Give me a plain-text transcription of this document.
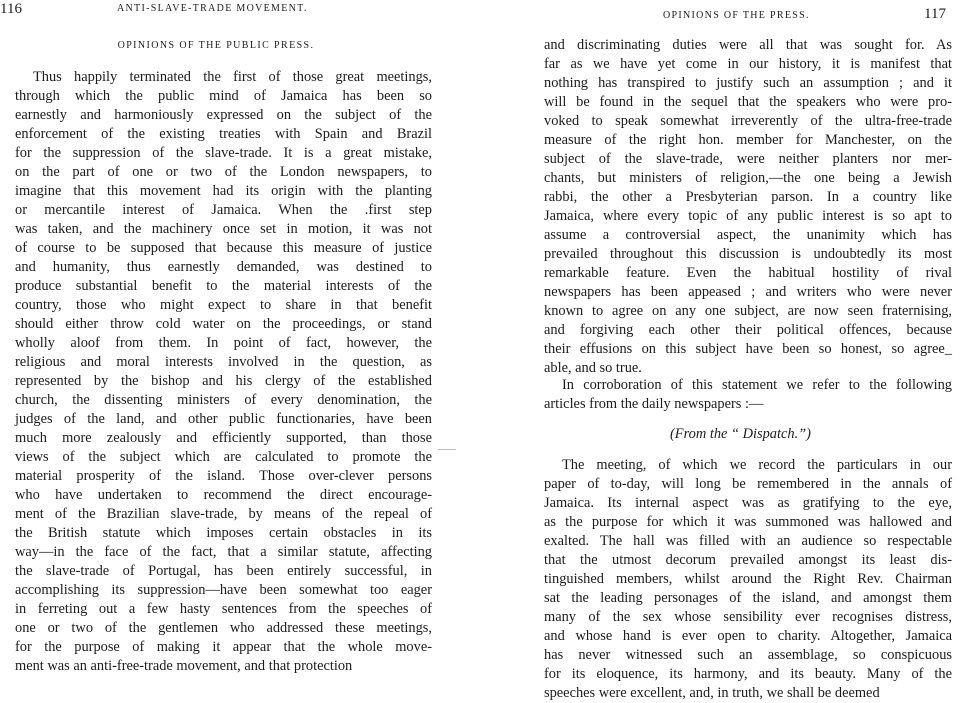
116	ANTI-SLAVE-TRADE MOVEMENT.
OPINIONS OF THE PUBLIC PRESS.
Thus happily terminated the first of those great meetings,
through which the public mind of Jamaica has been so
earnestly and harmoniously expressed on the subject of the
enforcement of the existing treaties with Spain and Brazil
for the suppression of the slave-trade. It is a great mistake,
on the part of one or two of the London newspapers, to
imagine that this movement had its origin with the planting
or mercantile interest of Jamaica. When the .first step
was taken, and the machinery once set in motion, it was not
of course to be supposed that because this measure of justice
and humanity, thus earnestly demanded, was destined to
produce substantial benefit to the material interests of the
country, those who might expect to share in that benefit
should either throw cold water on the proceedings, or stand
wholly aloof from them. In point of fact, however, the
religious and moral interests involved in the question, as
represented by the bishop and his clergy of the established
church, the dissenting ministers of every denomination, the
judges of the land, and other public functionaries, have been
much more zealously and efficiently supported, than those
views of the subject which are calculated to promote the
material prosperity of the island. Those over-clever persons
who have undertaken to recommend the direct encourage-
ment of the Brazilian slave-trade, by means of the repeal of
the British statute which imposes certain obstacles in its
way—in the face of the fact, that a similar statute, affecting
the slave-trade of Portugal, has been entirely successful, in
accomplishing its suppression—have been somewhat too eager
in ferreting out a few hasty sentences from the speeches of
one or two of the gentlemen who addressed these meetings,
for the purpose of making it appear that the whole move-
ment was an anti-free-trade movement, and that protection
OPINIONS OF THE PRESS.	117
and discriminating duties were all that was sought for. As
far as we have yet come in our history, it is manifest that
nothing has transpired to justify such an assumption ; and it
will be found in the sequel that the speakers who were pro-
voked to speak somewhat irreverently of the ultra-free-trade
measure of the right hon. member for Manchester, on the
subject of the slave-trade, were neither planters nor mer-
chants, but ministers of religion,—the one being a Jewish
rabbi, the other a Presbyterian parson. In a country like
Jamaica, where every topic of any public interest is so apt to
assume a controversial aspect, the unanimity which has
prevailed throughout this discussion is undoubtedly its most
remarkable feature. Even the habitual hostility of rival
newspapers has been appeased ; and writers who were never
known to agree on any one subject, are now seen fraternising,
and forgiving each other their political offences, because
their effusions on this subject have been so honest, so agree_
able, and so true.
In corroboration of this statement we refer to the following
articles from the daily newspapers :—
(From the “ Dispatch.”)
The meeting, of which we record the particulars in our
paper of to-day, will long be remembered in the annals of
Jamaica. Its internal aspect was as gratifying to the eye,
as the purpose for which it was summoned was hallowed and
exalted. The hall was filled with an audience so respectable
that the utmost decorum prevailed amongst its least dis-
tinguished members, whilst around the Right Rev. Chairman
sat the leading personages of the island, and amongst them
many of the sex whose sensibility ever recognises distress,
and whose hand is ever open to charity. Altogether, Jamaica
has never witnessed such an assemblage, so conspicuous
for its eloquence, its harmony, and its beauty. Many of the
speeches were excellent, and, in truth, we shall be deemed
